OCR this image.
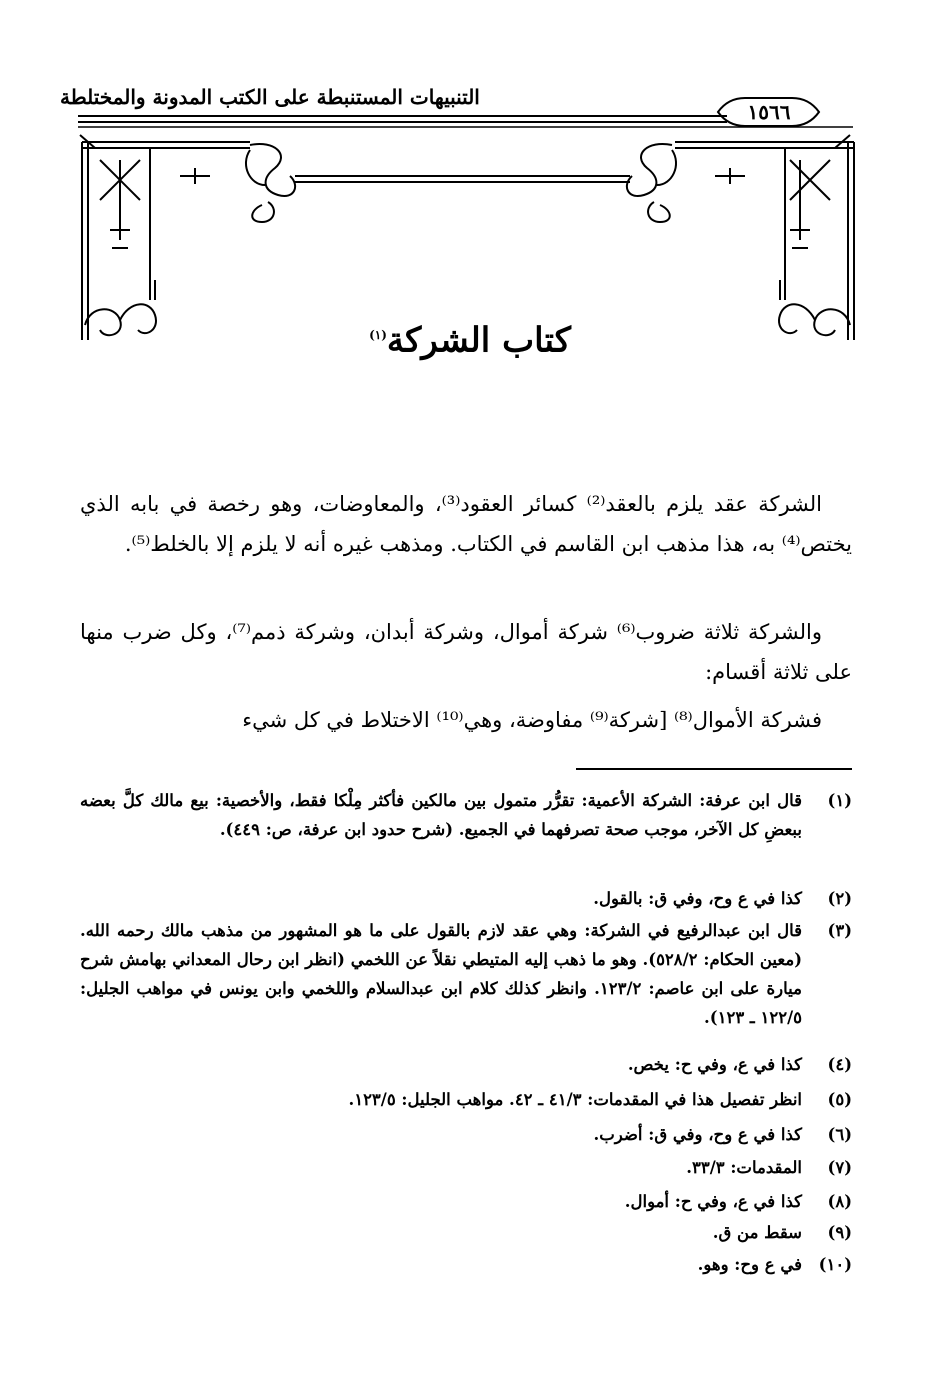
التنبيهات المستنبطة على الكتب المدونة والمختلطة
١٥٦٦
كتاب الشركة$^{(١)}$
الشركة عقد يلزم بالعقد⁽²⁾ كسائر العقود⁽³⁾، والمعاوضات، وهو رخصة في بابه الذي يختص⁽⁴⁾ به، هذا مذهب ابن القاسم في الكتاب. ومذهب غيره أنه لا يلزم إلا بالخلط⁽⁵⁾.
والشركة ثلاثة ضروب⁽⁶⁾ شركة أموال، وشركة أبدان، وشركة ذمم⁽⁷⁾، وكل ضرب منها على ثلاثة أقسام:
فشركة الأموال⁽⁸⁾ [شركة⁽⁹⁾ مفاوضة، وهي⁽¹⁰⁾ الاختلاط في كل شيء
(١)
قال ابن عرفة: الشركة الأعمية: تقرُّر متمول بين مالكين فأكثر مِلْكا فقط، والأخصية: بيع مالك كلَّ بعضه ببعضِ كل الآخر، موجب صحة تصرفهما في الجميع. (شرح حدود ابن عرفة، ص: ٤٤٩).
(٢)
كذا في ع وح، وفي ق: بالقول.
(٣)
قال ابن عبدالرفيع في الشركة: وهي عقد لازم بالقول على ما هو المشهور من مذهب مالك رحمه الله. (معين الحكام: ٥٢٨/٢). وهو ما ذهب إليه المتيطي نقلاً عن اللخمي (انظر ابن رحال المعداني بهامش شرح ميارة على ابن عاصم: ١٢٣/٢. وانظر كذلك كلام ابن عبدالسلام واللخمي وابن يونس في مواهب الجليل: ١٢٢/٥ ـ ١٢٣).
(٤)
كذا في ع، وفي ح: يخص.
(٥)
انظر تفصيل هذا في المقدمات: ٤١/٣ ـ ٤٢. مواهب الجليل: ١٢٣/٥.
(٦)
كذا في ع وح، وفي ق: أضرب.
(٧)
المقدمات: ٣٣/٣.
(٨)
كذا في ع، وفي ح: أموال.
(٩)
سقط من ق.
(١٠)
في ع وح: وهو.
